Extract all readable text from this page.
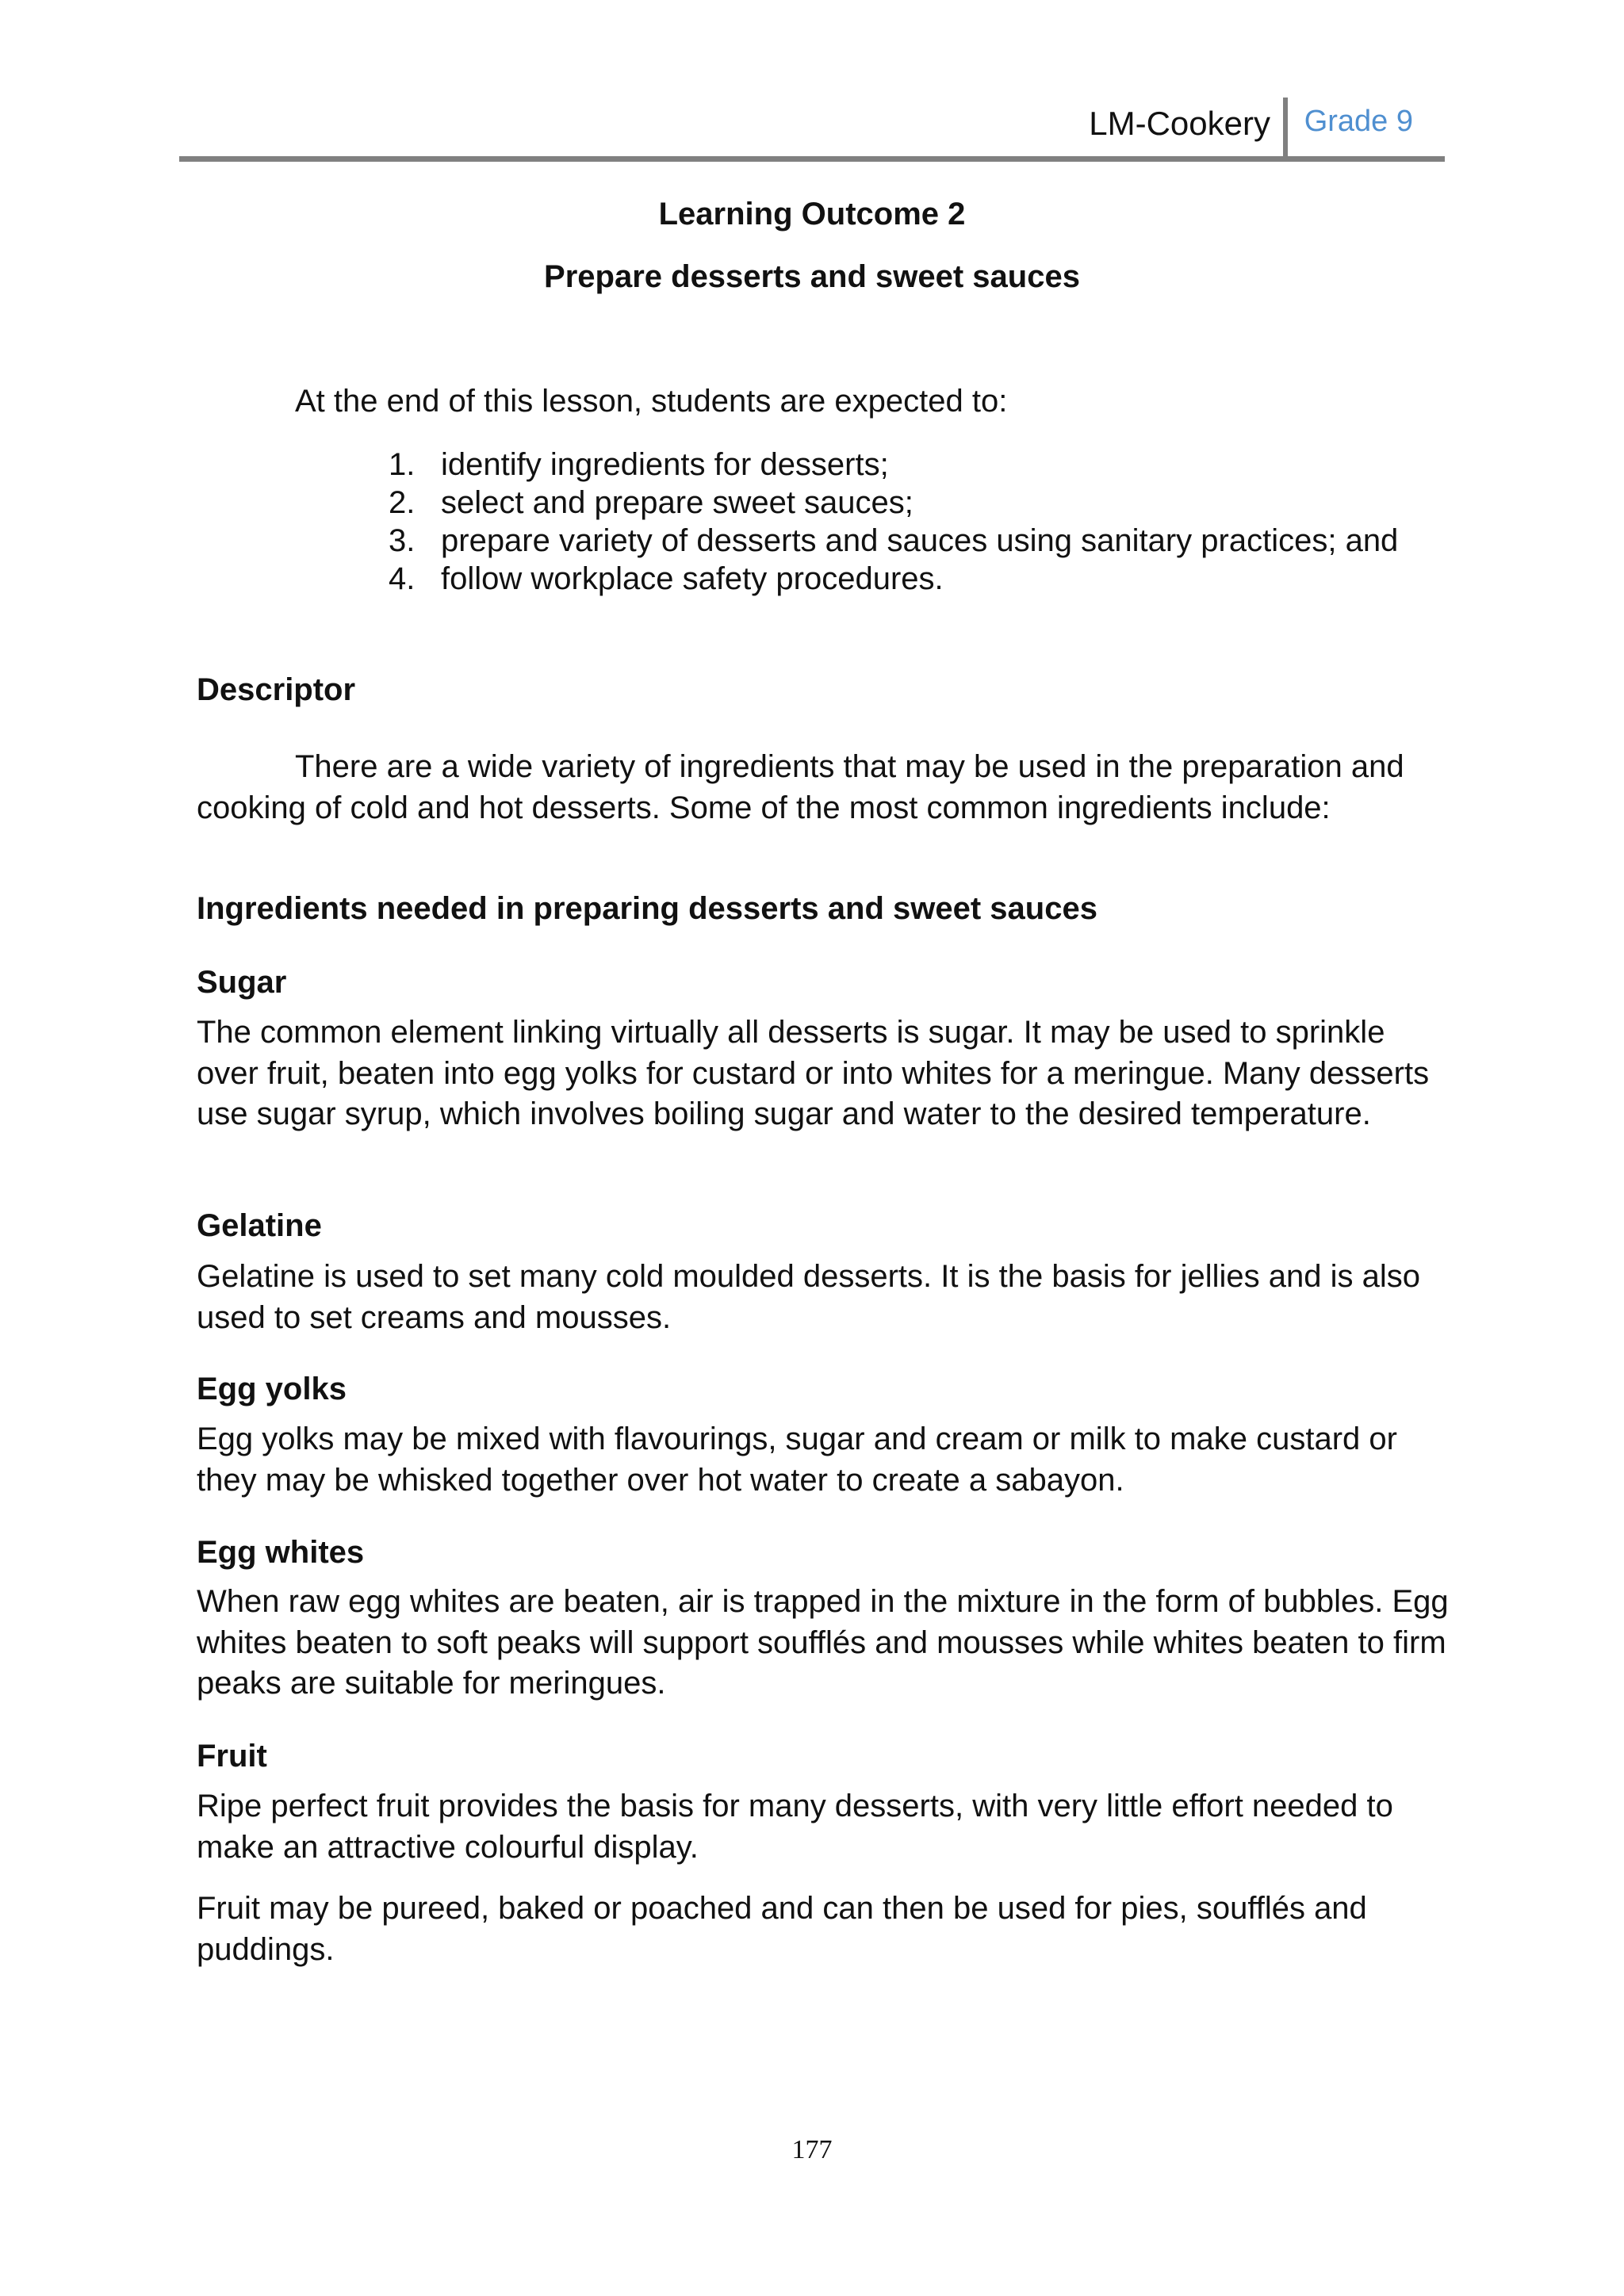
LM-Cookery Grade 9
Learning Outcome 2
Prepare desserts and sweet sauces
At the end of this lesson, students are expected to:
1. identify ingredients for desserts;
2. select and prepare sweet sauces;
3. prepare variety of desserts and sauces using sanitary practices; and
4. follow workplace safety procedures.
Descriptor

There are a wide variety of ingredients that may be used in the preparation and cooking of cold and hot desserts. Some of the most common ingredients include:

Ingredients needed in preparing desserts and sweet sauces
Sugar

The common element linking virtually all desserts is sugar. It may be used to sprinkle over fruit, beaten into egg yolks for custard or into whites for a meringue. Many desserts use sugar syrup, which involves boiling sugar and water to the desired temperature.

Gelatine

Gelatine is used to set many cold moulded desserts. It is the basis for jellies and is also used to set creams and mousses.

Egg yolks

Egg yolks may be mixed with flavourings, sugar and cream or milk to make custard or they may be whisked together over hot water to create a sabayon.

Egg whites

When raw egg whites are beaten, air is trapped in the mixture in the form of bubbles. Egg whites beaten to soft peaks will support soufflés and mousses while whites beaten to firm peaks are suitable for meringues.

Fruit

Ripe perfect fruit provides the basis for many desserts, with very little effort needed to make an attractive colourful display.

Fruit may be pureed, baked or poached and can then be used for pies, soufflés and puddings.

177
